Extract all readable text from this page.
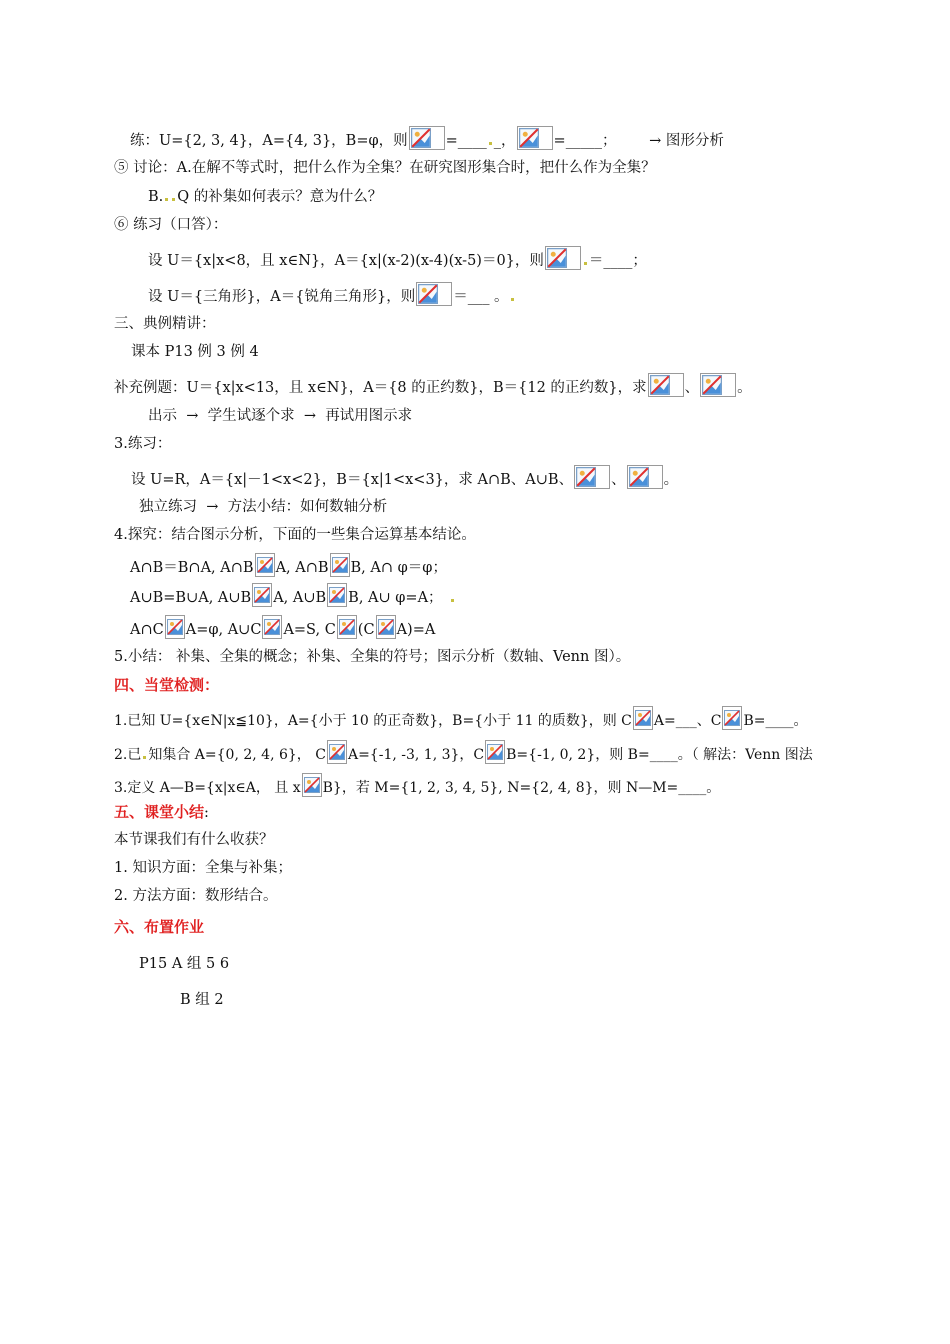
练：U={2, 3, 4}，A={4, 3}，B=φ，则	=____ _，	=_____； → 图形分析
⑤ 讨论：A.在解不等式时，把什么作为全集？在研究图形集合时，把什么作为全集？
B. Q 的补集如何表示？意为什么？
⑥ 练习（口答）：
设 U＝{x|x<8，且 x∈N}，A＝{x|(x-2)(x-4)(x-5)＝0}，则	＝____；
设 U＝{三角形}，A＝{锐角三角形}，则	＝___ 。
三、典例精讲：
课本 P13 例 3 例 4
补充例题：U＝{x|x<13，且 x∈N}，A＝{8 的正约数}，B＝{12 的正约数}，求	、	。
出示 → 学生试逐个求 → 再试用图示求
3.练习：
设 U=R，A＝{x|－1<x<2}，B＝{x|1<x<3}，求 A∩B、A∪B、	、	。
独立练习 → 方法小结：如何数轴分析
4.探究：结合图示分析，下面的一些集合运算基本结论。
A∩B＝B∩A, A∩B A, A∩B B, A∩ φ＝φ；
A∪B=B∪A, A∪B A, A∪B B, A∪ φ=A；
A∩C A=φ, A∪C A=S, C (C A)=A
5.小结： 补集、全集的概念；补集、全集的符号；图示分析（数轴、Venn 图）。
四、当堂检测：
1.已知 U={x∈N|x≦10}，A={小于 10 的正奇数}，B={小于 11 的质数}，则 C A=___、C B=____。
2.已 知集合 A={0, 2, 4, 6}， C A={-1, -3, 1, 3}，C B={-1, 0, 2}，则 B=____。（ 解法：Venn 图法
3.定义 A—B={x|x∈A， 且 x B}，若 M={1, 2, 3, 4, 5}, N={2, 4, 8}，则 N—M=____。
五、课堂小结:
本节课我们有什么收获？
1. 知识方面：全集与补集；
2. 方法方面：数形结合。
六、布置作业
P15 A 组 5 6
B 组 2
